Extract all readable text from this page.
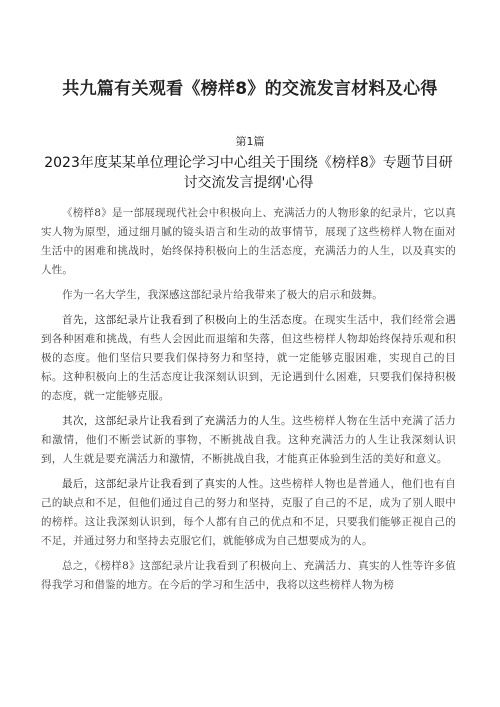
共九篇有关观看《榜样8》的交流发言材料及心得
第1篇
2023年度某某单位理论学习中心组关于围绕《榜样8》专题节目研讨交流发言提纲'心得

《榜样8》是一部展现现代社会中积极向上、充满活力的人物形象的纪录片，它以真实人物为原型，通过细月腻的镜头语言和生动的故事情节，展现了这些榜样人物在面对生活中的困难和挑战时，始终保持积极向上的生活态度，充满活力的人生，以及真实的人性。

作为一名大学生，我深感这部纪录片给我带来了极大的启示和鼓舞。

首先，这部纪录片让我看到了积极向上的生活态度。在现实生活中，我们经常会遇到各种困难和挑战，有些人会因此而退缩和失落，但这些榜样人物却始终保持乐观和积极的态度。他们坚信只要我们保持努力和坚持，就一定能够克服困难，实现自己的目标。这种积极向上的生活态度让我深刻认识到，无论遇到什么困难，只要我们保持积极的态度，就一定能够克服。

其次，这部纪录片让我看到了充满活力的人生。这些榜样人物在生活中充满了活力和激情，他们不断尝试新的事物，不断挑战自我。这种充满活力的人生让我深刻认识到，人生就是要充满活力和激情，不断挑战自我，才能真正体验到生活的美好和意义。

最后，这部纪录片让我看到了真实的人性。这些榜样人物也是普通人，他们也有自己的缺点和不足，但他们通过自己的努力和坚持，克服了自己的不足，成为了别人眼中的榜样。这让我深刻认识到，每个人都有自己的优点和不足，只要我们能够正视自己的不足，并通过努力和坚持去克服它们，就能够成为自己想要成为的人。

总之，《榜样8》这部纪录片让我看到了积极向上、充满活力、真实的人性等许多值得我学习和借鉴的地方。在今后的学习和生活中，我将以这些榜样人物为榜
